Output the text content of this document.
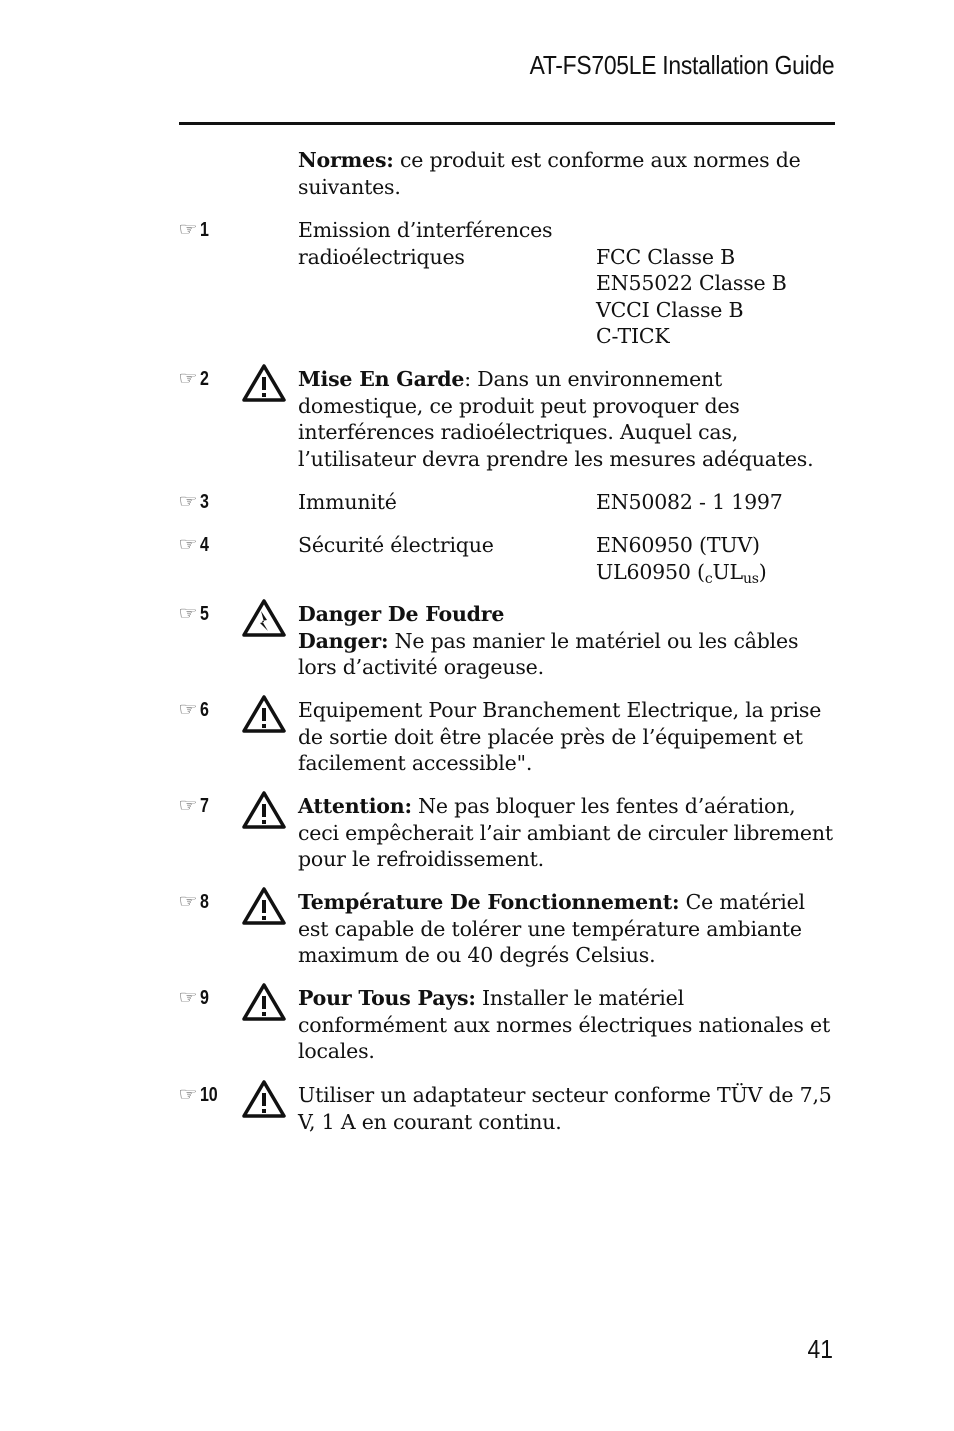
AT-FS705LE Installation Guide
Normes: ce produit est conforme aux normes de suivantes.
☞ 1	Emission d’interférences
radioélectriques	FCC Classe B
EN55022 Classe B
VCCI Classe B
C-TICK
☞ 2	Mise En Garde: Dans un environnement domestique, ce produit peut provoquer des interférences radioélectriques. Auquel cas, l’utilisateur devra prendre les mesures adéquates.
☞ 3	Immunité	EN50082 - 1 1997
☞ 4	Sécurité électrique	EN60950 (TUV)
UL60950 $(_cUL_{us})$
☞ 5	Danger De Foudre
Danger: Ne pas manier le matériel ou les câbles lors d’activité orageuse.
☞ 6	Equipement Pour Branchement Electrique, la prise de sortie doit être placée près de l’équipement et facilement accessible".
☞ 7	Attention: Ne pas bloquer les fentes d’aération, ceci empêcherait l’air ambiant de circuler librement pour le refroidissement.
☞ 8	Température De Fonctionnement: Ce matériel est capable de tolérer une température ambiante maximum de ou 40 degrés Celsius.
☞ 9	Pour Tous Pays: Installer le matériel conformément aux normes électriques nationales et locales.
☞ 10	Utiliser un adaptateur secteur conforme TÜV de 7,5 V, 1 A en courant continu.
41
